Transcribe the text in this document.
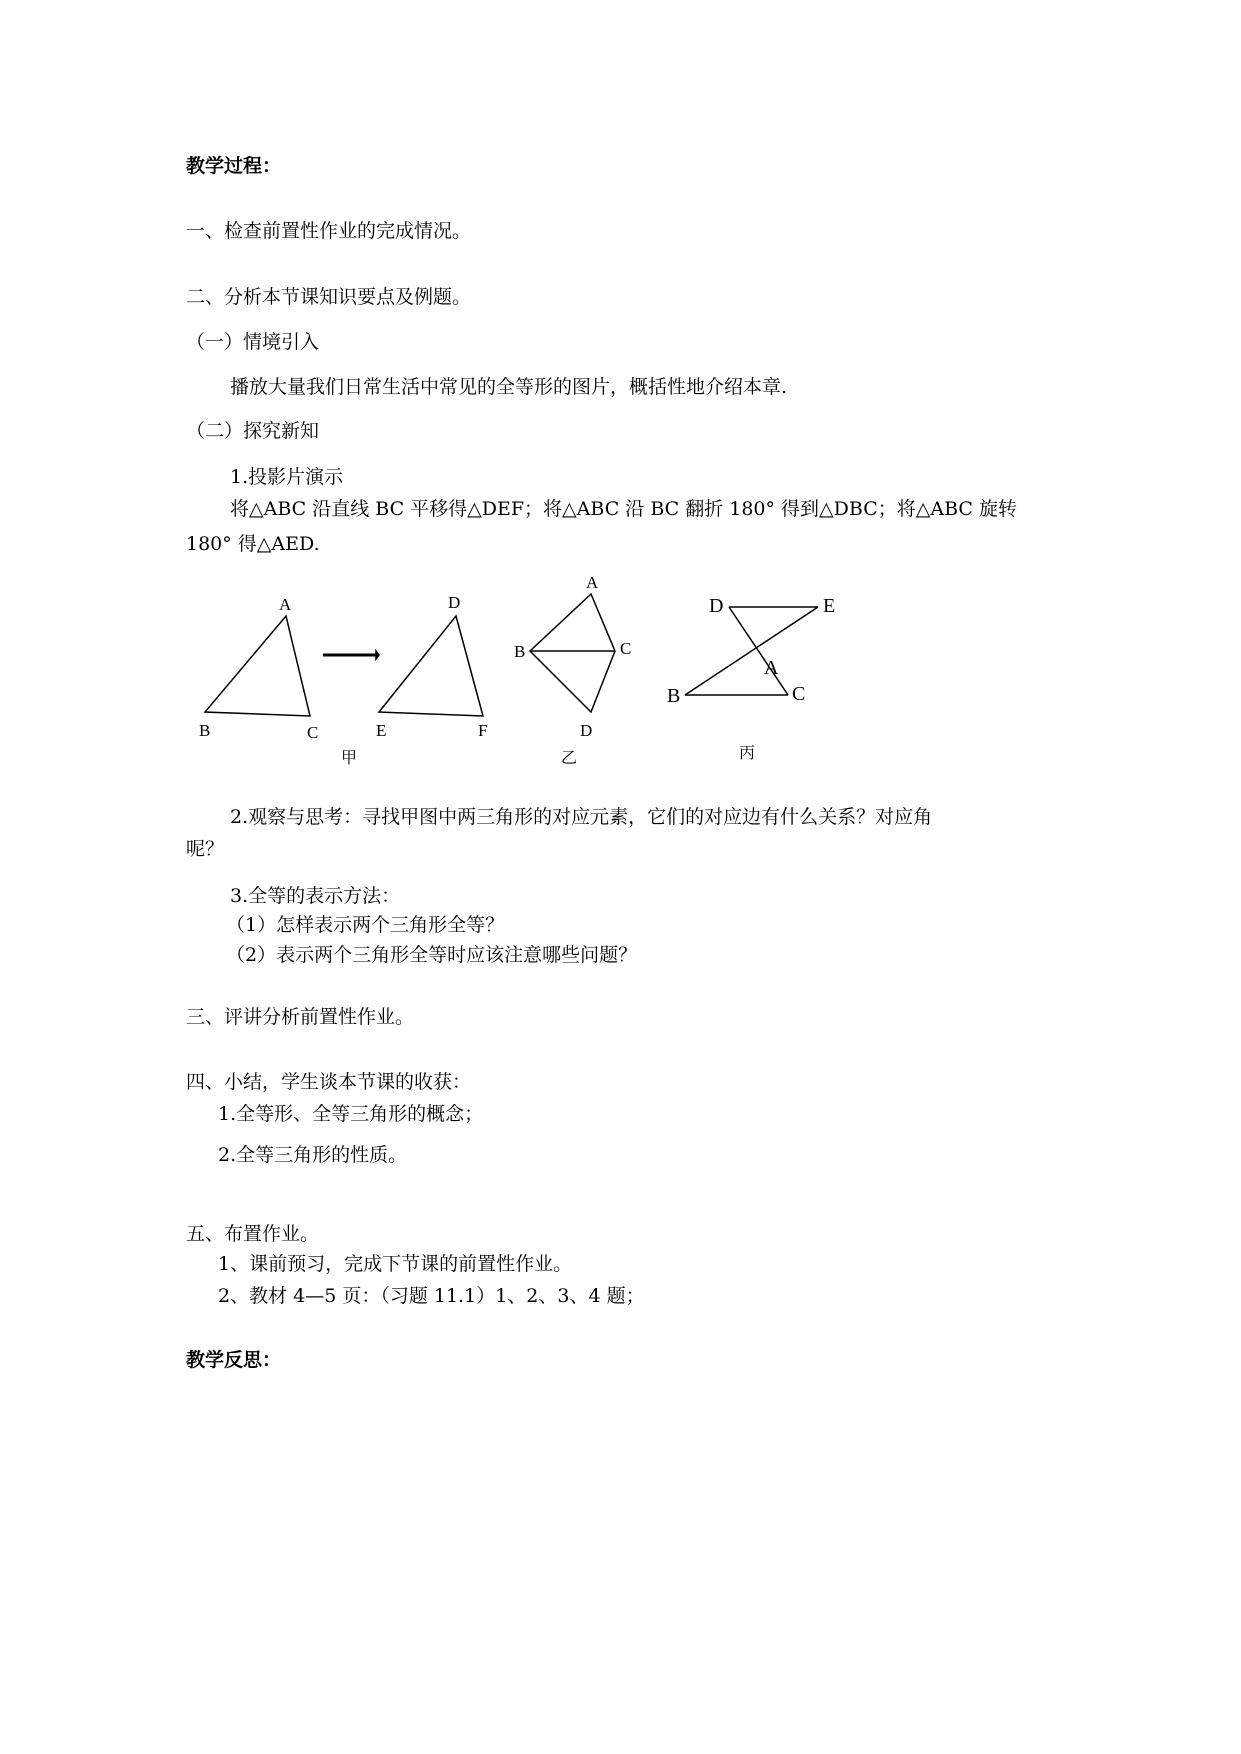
教学过程：
一、检查前置性作业的完成情况。
二、分析本节课知识要点及例题。
（一）情境引入
播放大量我们日常生活中常见的全等形的图片，概括性地介绍本章.
（二）探究新知
1.投影片演示
将△ABC 沿直线 BC 平移得△DEF；将△ABC 沿 BC 翻折 180° 得到△DBC；将△ABC 旋转
180° 得△AED.
A
B	C
D
E	F
甲
A
B	C
D
乙
D	E
A
B	C
丙
2.观察与思考：寻找甲图中两三角形的对应元素，它们的对应边有什么关系？对应角
呢？
3.全等的表示方法：
（1）怎样表示两个三角形全等？
（2）表示两个三角形全等时应该注意哪些问题？
三、评讲分析前置性作业。
四、小结，学生谈本节课的收获：
1.全等形、全等三角形的概念；
2.全等三角形的性质。
五、布置作业。
1、课前预习，完成下节课的前置性作业。
2、教材 4—5 页：（习题 11.1）1、2、3、4 题；
教学反思：
